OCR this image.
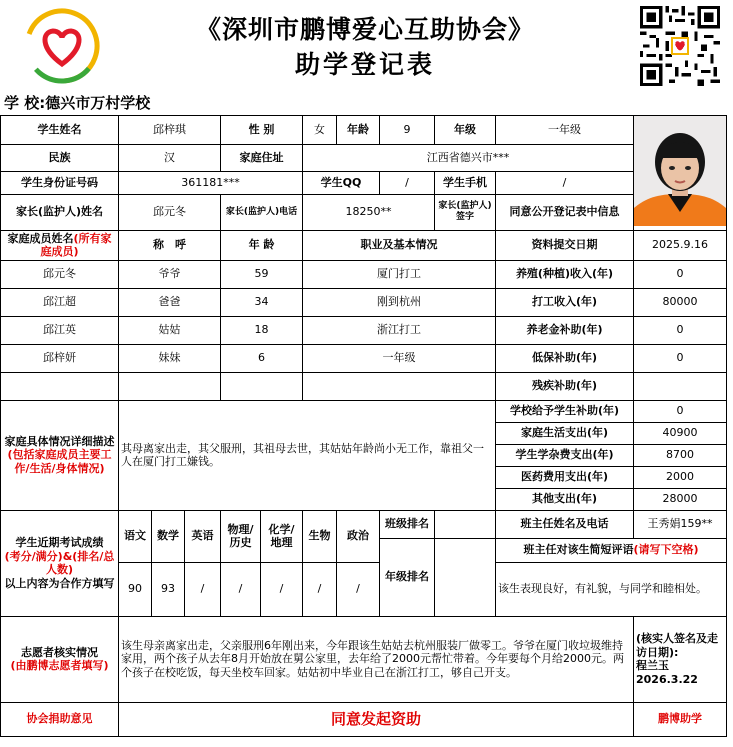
《深圳市鹏博爱心互助协会》
助学登记表
学 校:德兴市万村学校
学生姓名	邱梓琪			性 别		女	年龄	9	年级	一年级	
民族	汉			家庭住址		江西省德兴市***					
学生身份证号码	361181***					学生QQ		/	学生手机	/	
家长(监护人)姓名	邱元冬			家长(监护人)电话		18250**			家长(监护人)签字	同意公开登记表中信息	
家庭成员姓名(所有家庭成员)	称　呼			年 龄		职业及基本情况				资料提交日期	2025.9.16
邱元冬	爷爷			59		厦门打工				养殖(种植)收入(年)	0
邱江超	爸爸			34		刚到杭州				打工收入(年)	80000
邱江英	姑姑			18		浙江打工				养老金补助(年)	0
邱梓妍	妹妹			6		一年级				低保补助(年)	0
										残疾补助(年)	
家庭具体情况详细描述(包括家庭成员主要工作/生活/身体情况)	其母离家出走，其父服刑，其祖母去世，其姑姑年龄尚小无工作，靠祖父一人在厦门打工嫌钱。									学校给予学生补助(年)	0
										家庭生活支出(年)	40900
										学生学杂费支出(年)	8700
										医药费用支出(年)	2000
										其他支出(年)	28000
学生近期考试成绩
(考分/满分)&(排名/总人数)
以上内容为合作方填写	语文	数学	英语	物理/历史	化学/地理	生物	政治	班级排名		班主任姓名及电话	王秀娟159**
								年级排名		班主任对该生简短评语(请写下空格)	
	90	93	/	/	/	/	/			该生表现良好，有礼貌，与同学和睦相处。	
志愿者核实情况
(由鹏博志愿者填写)	该生母亲离家出走，父亲服刑6年刚出来，今年跟该生姑姑去杭州服装厂做零工。爷爷在厦门收垃圾维持家用，两个孩子从去年8月开始放在舅公家里，去年给了2000元帮忙带着。今年要每个月给2000元。两个孩子在校吃饭，每天坐校车回家。姑姑初中毕业自己在浙江打工，够自己开支。										(核实人签名及走访日期):
程兰玉
2026.3.22
协会捐助意见	同意发起资助										鹏博助学
